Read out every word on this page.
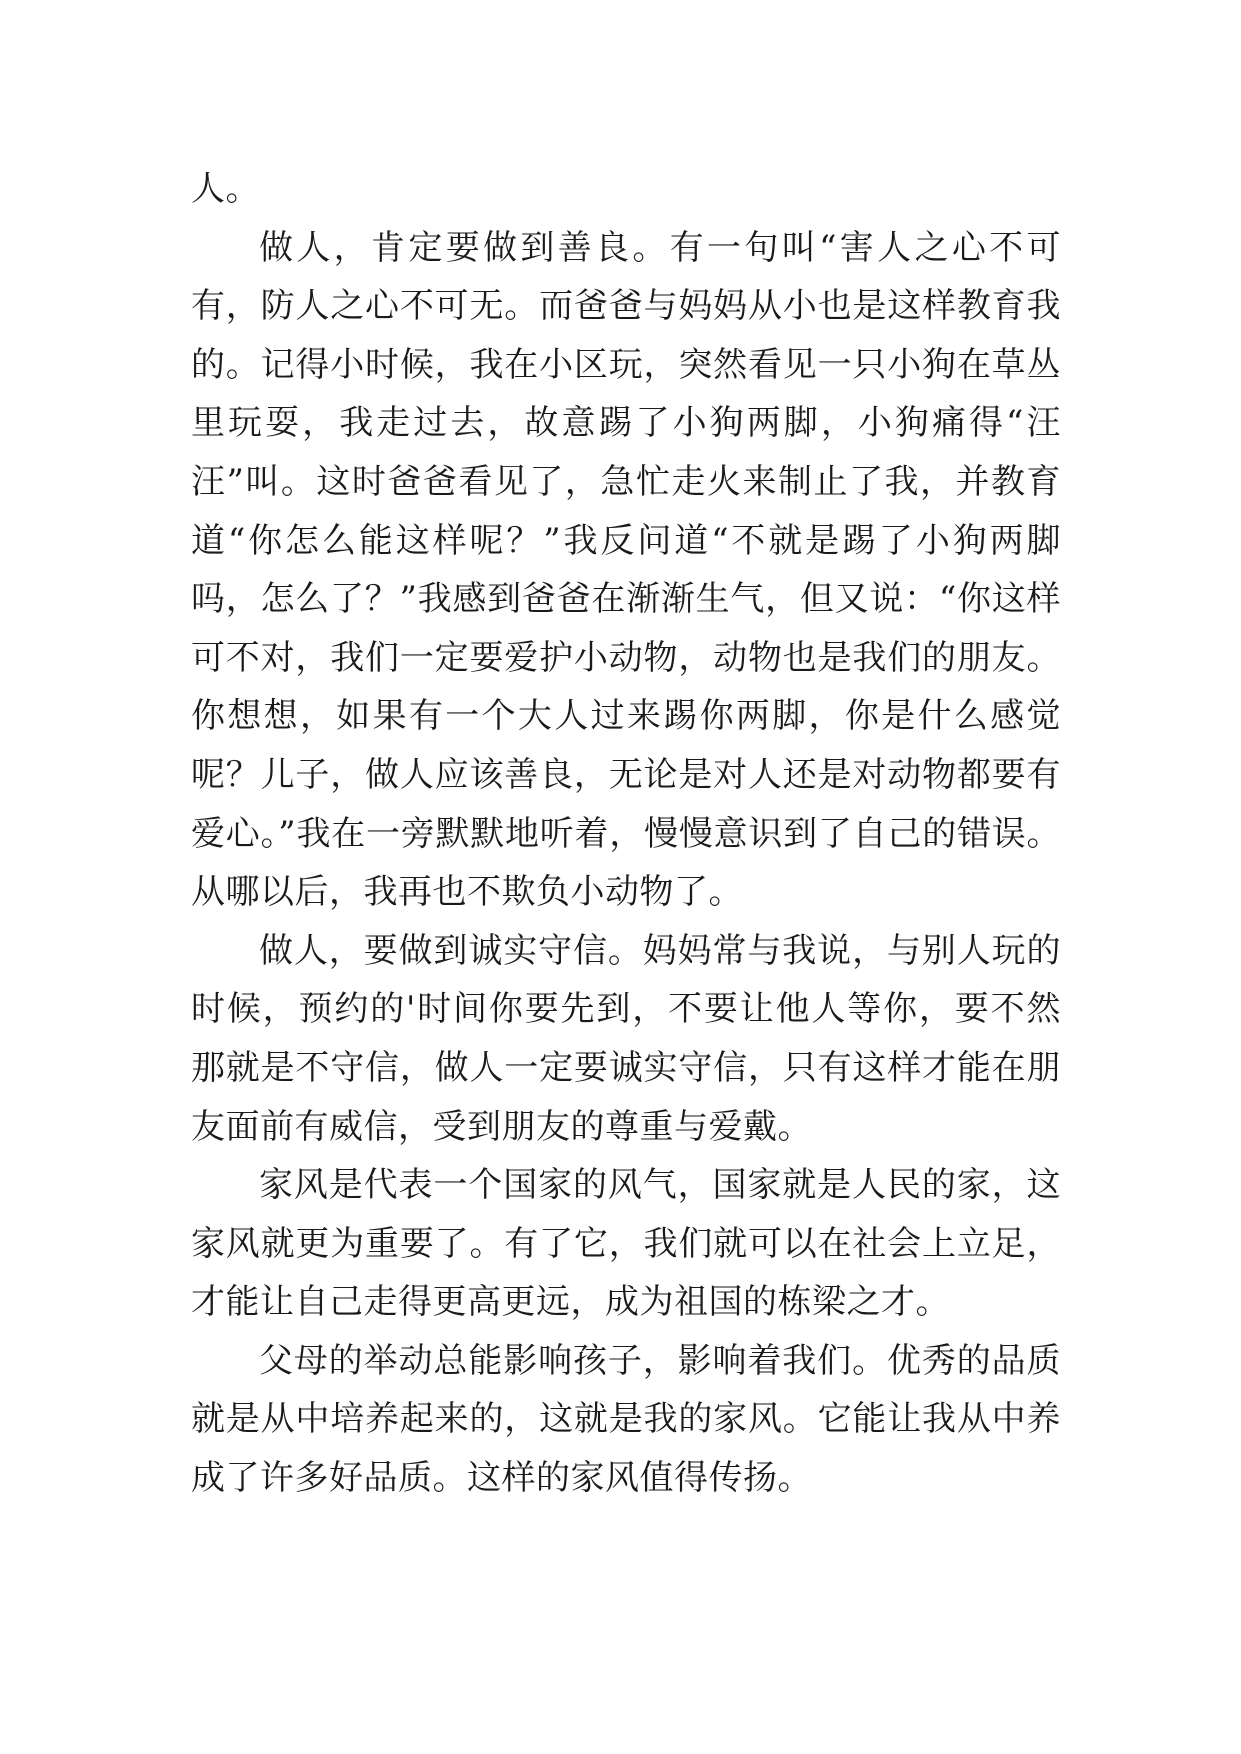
人。

做人，肯定要做到善良。有一句叫“害人之心不可有，防人之心不可无。而爸爸与妈妈从小也是这样教育我的。记得小时候，我在小区玩，突然看见一只小狗在草丛里玩耍，我走过去，故意踢了小狗两脚，小狗痛得“汪汪”叫。这时爸爸看见了，急忙走火来制止了我，并教育道“你怎么能这样呢？”我反问道“不就是踢了小狗两脚吗，怎么了？”我感到爸爸在渐渐生气，但又说：“你这样可不对，我们一定要爱护小动物，动物也是我们的朋友。你想想，如果有一个大人过来踢你两脚，你是什么感觉呢？儿子，做人应该善良，无论是对人还是对动物都要有爱心。”我在一旁默默地听着，慢慢意识到了自己的错误。从哪以后，我再也不欺负小动物了。

做人，要做到诚实守信。妈妈常与我说，与别人玩的时候，预约的'时间你要先到，不要让他人等你，要不然那就是不守信，做人一定要诚实守信，只有这样才能在朋友面前有威信，受到朋友的尊重与爱戴。

家风是代表一个国家的风气，国家就是人民的家，这家风就更为重要了。有了它，我们就可以在社会上立足，才能让自己走得更高更远，成为祖国的栋梁之才。

父母的举动总能影响孩子，影响着我们。优秀的品质就是从中培养起来的，这就是我的家风。它能让我从中养成了许多好品质。这样的家风值得传扬。
